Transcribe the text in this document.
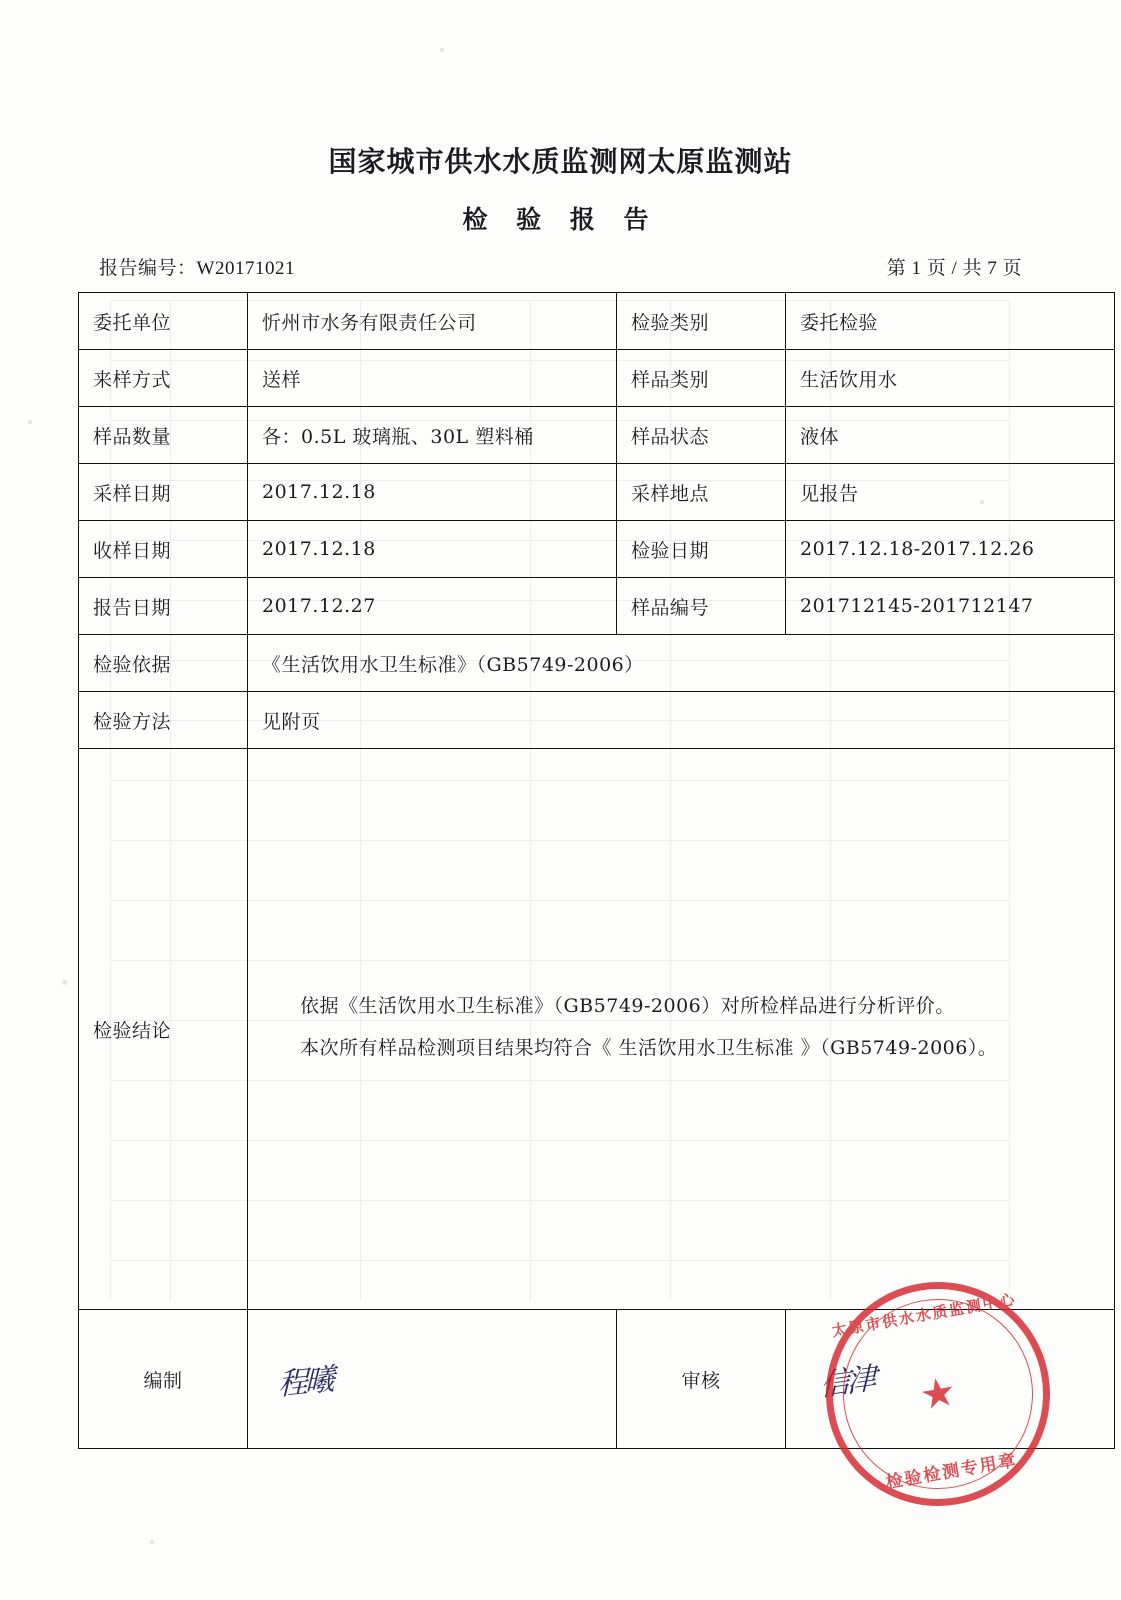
国家城市供水水质监测网太原监测站
检 验 报 告
报告编号：W20171021	第 1 页 / 共 7 页
委托单位	忻州市水务有限责任公司	检验类别	委托检验	
来样方式	送样	样品类别	生活饮用水	
样品数量	各：0.5L 玻璃瓶、30L 塑料桶	样品状态	液体	
采样日期	2017.12.18	采样地点	见报告	
收样日期	2017.12.18	检验日期	2017.12.18-2017.12.26	
报告日期	2017.12.27	样品编号	201712145-201712147	
检验依据	《生活饮用水卫生标准》（GB5749-2006）			
检验方法	见附页			
检验结论	依据《生活饮用水卫生标准》（GB5749-2006）对所检样品进行分析评价。

本次所有样品检测项目结果均符合《 生活饮用水卫生标准 》（GB5749-2006）。			

编制	程曦	审核	信津			
太原市供水水质监测中心
★
检验检测专用章
